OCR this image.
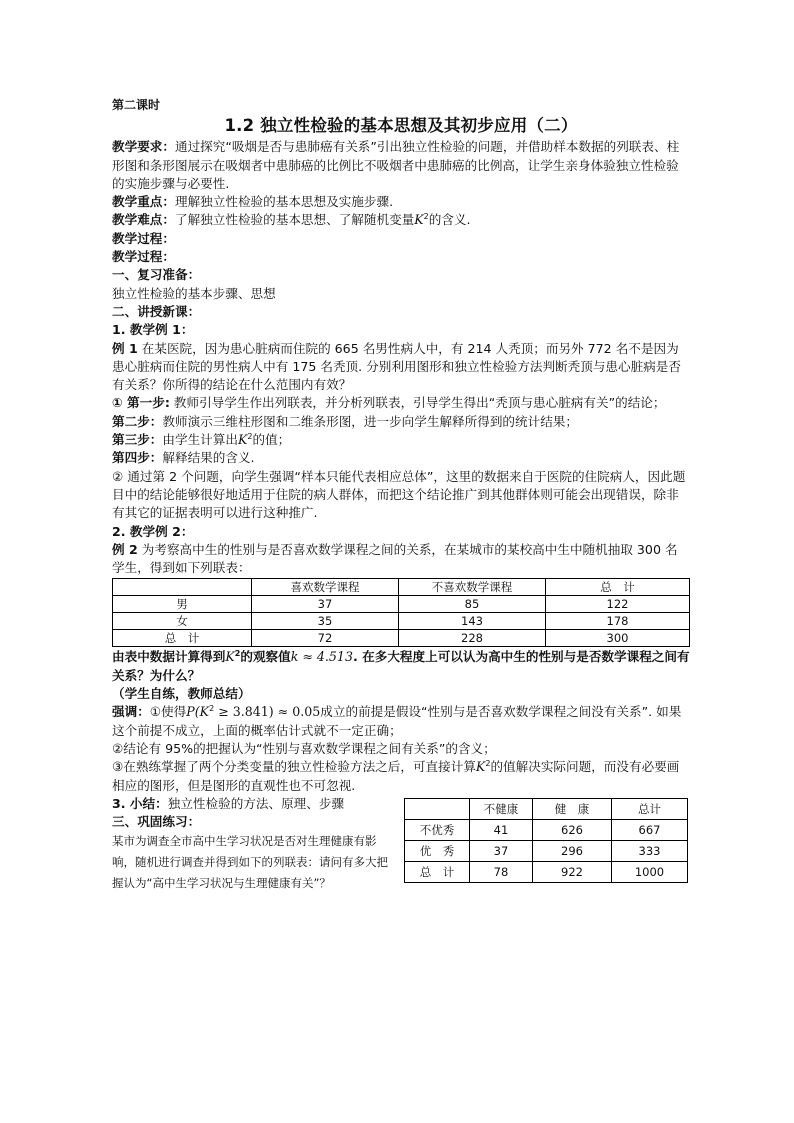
第二课时

1.2 独立性检验的基本思想及其初步应用（二）

教学要求：通过探究“吸烟是否与患肺癌有关系”引出独立性检验的问题，并借助样本数据的列联表、柱形图和条形图展示在吸烟者中患肺癌的比例比不吸烟者中患肺癌的比例高，让学生亲身体验独立性检验的实施步骤与必要性.

教学重点：理解独立性检验的基本思想及实施步骤.

教学难点：了解独立性检验的基本思想、了解随机变量$K^2$的含义.

教学过程：

教学过程：

一、复习准备：

独立性检验的基本步骤、思想

二、讲授新课：

1. 教学例 1：

例 1 在某医院，因为患心脏病而住院的 665 名男性病人中，有 214 人秃顶；而另外 772 名不是因为患心脏病而住院的男性病人中有 175 名秃顶. 分别利用图形和独立性检验方法判断秃顶与患心脏病是否有关系？你所得的结论在什么范围内有效？

① 第一步: 教师引导学生作出列联表，并分析列联表，引导学生得出“秃顶与患心脏病有关”的结论；

第二步：教师演示三维柱形图和二维条形图，进一步向学生解释所得到的统计结果；

第三步：由学生计算出$K^2$的值；

第四步：解释结果的含义.

② 通过第 2 个问题，向学生强调“样本只能代表相应总体”，这里的数据来自于医院的住院病人，因此题目中的结论能够很好地适用于住院的病人群体，而把这个结论推广到其他群体则可能会出现错误，除非有其它的证据表明可以进行这种推广.

2. 教学例 2：

例 2 为考察高中生的性别与是否喜欢数学课程之间的关系，在某城市的某校高中生中随机抽取 300 名学生，得到如下列联表：

	喜欢数学课程	不喜欢数学课程	总　计
男	37	85	122
女	35	143	178
总　计	72	228	300

由表中数据计算得到$K^2$的观察值k ≈ 4.513. 在多大程度上可以认为高中生的性别与是否数学课程之间有关系？为什么？

（学生自练，教师总结）

强调：①使得$P(K^2 \ge 3.841) \approx 0.05$成立的前提是假设“性别与是否喜欢数学课程之间没有关系”. 如果这个前提不成立，上面的概率估计式就不一定正确；

②结论有 95%的把握认为“性别与喜欢数学课程之间有关系”的含义；

③在熟练掌握了两个分类变量的独立性检验方法之后，可直接计算$K^2$的值解决实际问题，而没有必要画相应的图形，但是图形的直观性也不可忽视.

3. 小结：独立性检验的方法、原理、步骤

三、巩固练习：

某市为调查全市高中生学习状况是否对生理健康有影响，随机进行调查并得到如下的列联表：请问有多大把握认为“高中生学习状况与生理健康有关”？

	不健康	健　康	总计
不优秀	41	626	667
优　秀	37	296	333
总　计	78	922	1000
